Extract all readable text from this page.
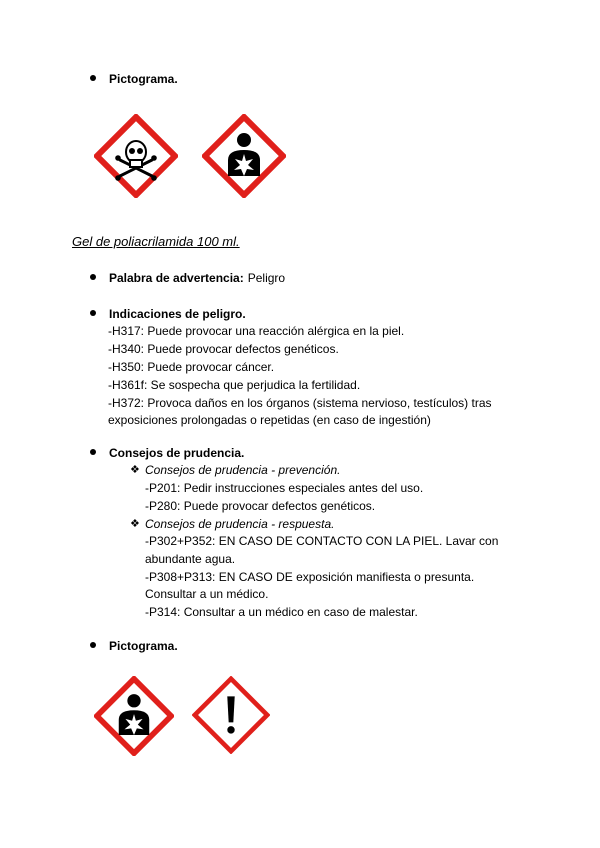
Pictograma.
Gel de poliacrilamida 100 ml.
Palabra de advertencia: Peligro
Indicaciones de peligro.
-H317: Puede provocar una reacción alérgica en la piel.
-H340: Puede provocar defectos genéticos.
-H350: Puede provocar cáncer.
-H361f: Se sospecha que perjudica la fertilidad.
-H372: Provoca daños en los órganos (sistema nervioso, testículos) tras
exposiciones prolongadas o repetidas (en caso de ingestión)
Consejos de prudencia.
❖ Consejos de prudencia - prevención.
-P201: Pedir instrucciones especiales antes del uso.
-P280: Puede provocar defectos genéticos.
❖ Consejos de prudencia - respuesta.
-P302+P352: EN CASO DE CONTACTO CON LA PIEL. Lavar con
abundante agua.
-P308+P313: EN CASO DE exposición manifiesta o presunta.
Consultar a un médico.
-P314: Consultar a un médico en caso de malestar.
Pictograma.
